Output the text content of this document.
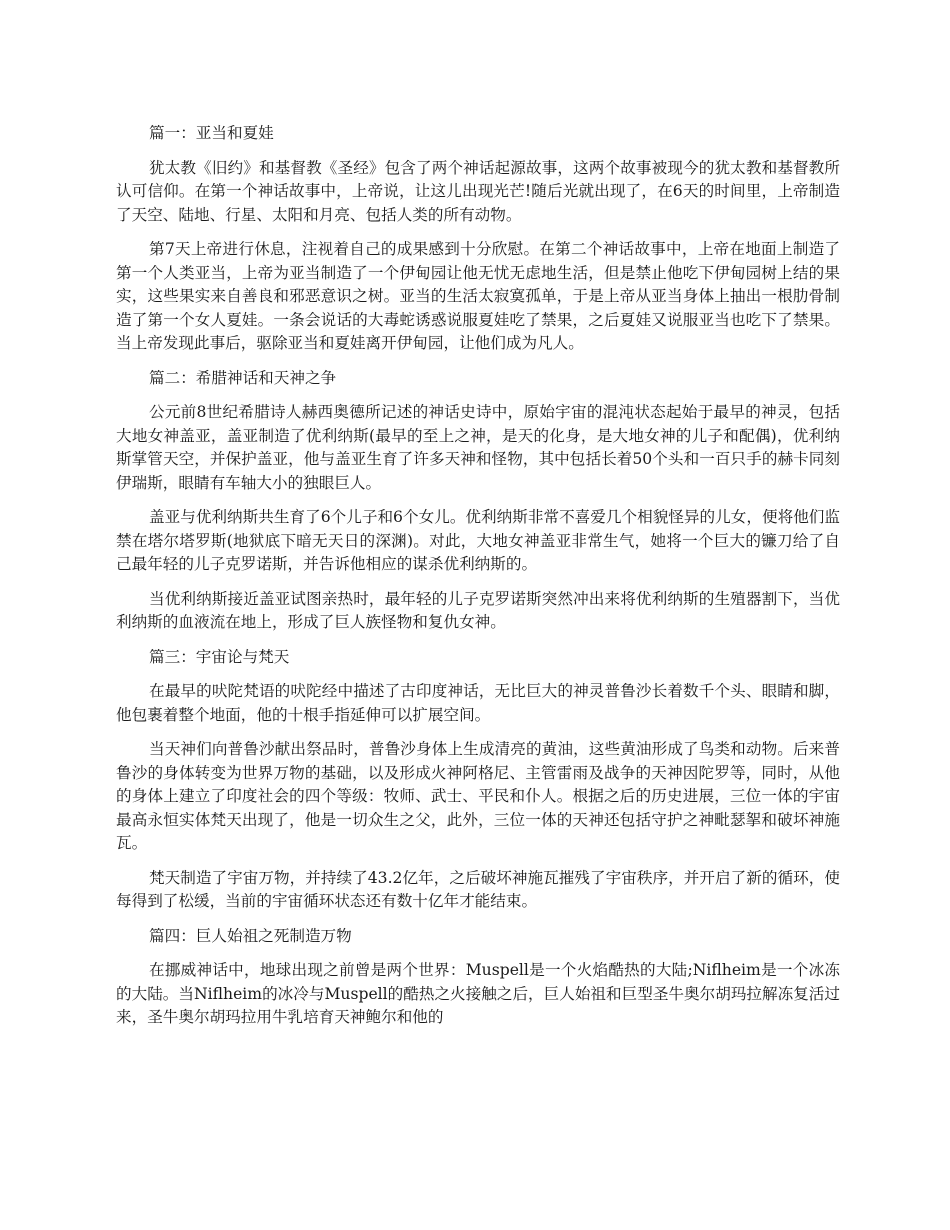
篇一：亚当和夏娃

犹太教《旧约》和基督教《圣经》包含了两个神话起源故事，这两个故事被现今的犹太教和基督教所认可信仰。在第一个神话故事中，上帝说，让这儿出现光芒!随后光就出现了，在6天的时间里，上帝制造了天空、陆地、行星、太阳和月亮、包括人类的所有动物。

第7天上帝进行休息，注视着自己的成果感到十分欣慰。在第二个神话故事中，上帝在地面上制造了第一个人类亚当，上帝为亚当制造了一个伊甸园让他无忧无虑地生活，但是禁止他吃下伊甸园树上结的果实，这些果实来自善良和邪恶意识之树。亚当的生活太寂寞孤单，于是上帝从亚当身体上抽出一根肋骨制造了第一个女人夏娃。一条会说话的大毒蛇诱惑说服夏娃吃了禁果，之后夏娃又说服亚当也吃下了禁果。当上帝发现此事后，驱除亚当和夏娃离开伊甸园，让他们成为凡人。

篇二：希腊神话和天神之争

公元前8世纪希腊诗人赫西奥德所记述的神话史诗中，原始宇宙的混沌状态起始于最早的神灵，包括大地女神盖亚，盖亚制造了优利纳斯(最早的至上之神，是天的化身，是大地女神的儿子和配偶)，优利纳斯掌管天空，并保护盖亚，他与盖亚生育了许多天神和怪物，其中包括长着50个头和一百只手的赫卡同刻伊瑞斯，眼睛有车轴大小的独眼巨人。

盖亚与优利纳斯共生育了6个儿子和6个女儿。优利纳斯非常不喜爱几个相貌怪异的儿女，便将他们监禁在塔尔塔罗斯(地狱底下暗无天日的深渊)。对此，大地女神盖亚非常生气，她将一个巨大的镰刀给了自己最年轻的儿子克罗诺斯，并告诉他相应的谋杀优利纳斯的。

当优利纳斯接近盖亚试图亲热时，最年轻的儿子克罗诺斯突然冲出来将优利纳斯的生殖器割下，当优利纳斯的血液流在地上，形成了巨人族怪物和复仇女神。

篇三：宇宙论与梵天

在最早的吠陀梵语的吠陀经中描述了古印度神话，无比巨大的神灵普鲁沙长着数千个头、眼睛和脚，他包裹着整个地面，他的十根手指延伸可以扩展空间。

当天神们向普鲁沙献出祭品时，普鲁沙身体上生成清亮的黄油，这些黄油形成了鸟类和动物。后来普鲁沙的身体转变为世界万物的基础，以及形成火神阿格尼、主管雷雨及战争的天神因陀罗等，同时，从他的身体上建立了印度社会的四个等级：牧师、武士、平民和仆人。根据之后的历史进展，三位一体的宇宙最高永恒实体梵天出现了，他是一切众生之父，此外，三位一体的天神还包括守护之神毗瑟挐和破坏神施瓦。

梵天制造了宇宙万物，并持续了43.2亿年，之后破坏神施瓦摧残了宇宙秩序，并开启了新的循环，使每得到了松缓，当前的宇宙循环状态还有数十亿年才能结束。

篇四：巨人始祖之死制造万物

在挪威神话中，地球出现之前曾是两个世界：Muspell是一个火焰酷热的大陆;Niflheim是一个冰冻的大陆。当Niflheim的冰冷与Muspell的酷热之火接触之后，巨人始祖和巨型圣牛奥尔胡玛拉解冻复活过来，圣牛奥尔胡玛拉用牛乳培育天神鲍尔和他的
